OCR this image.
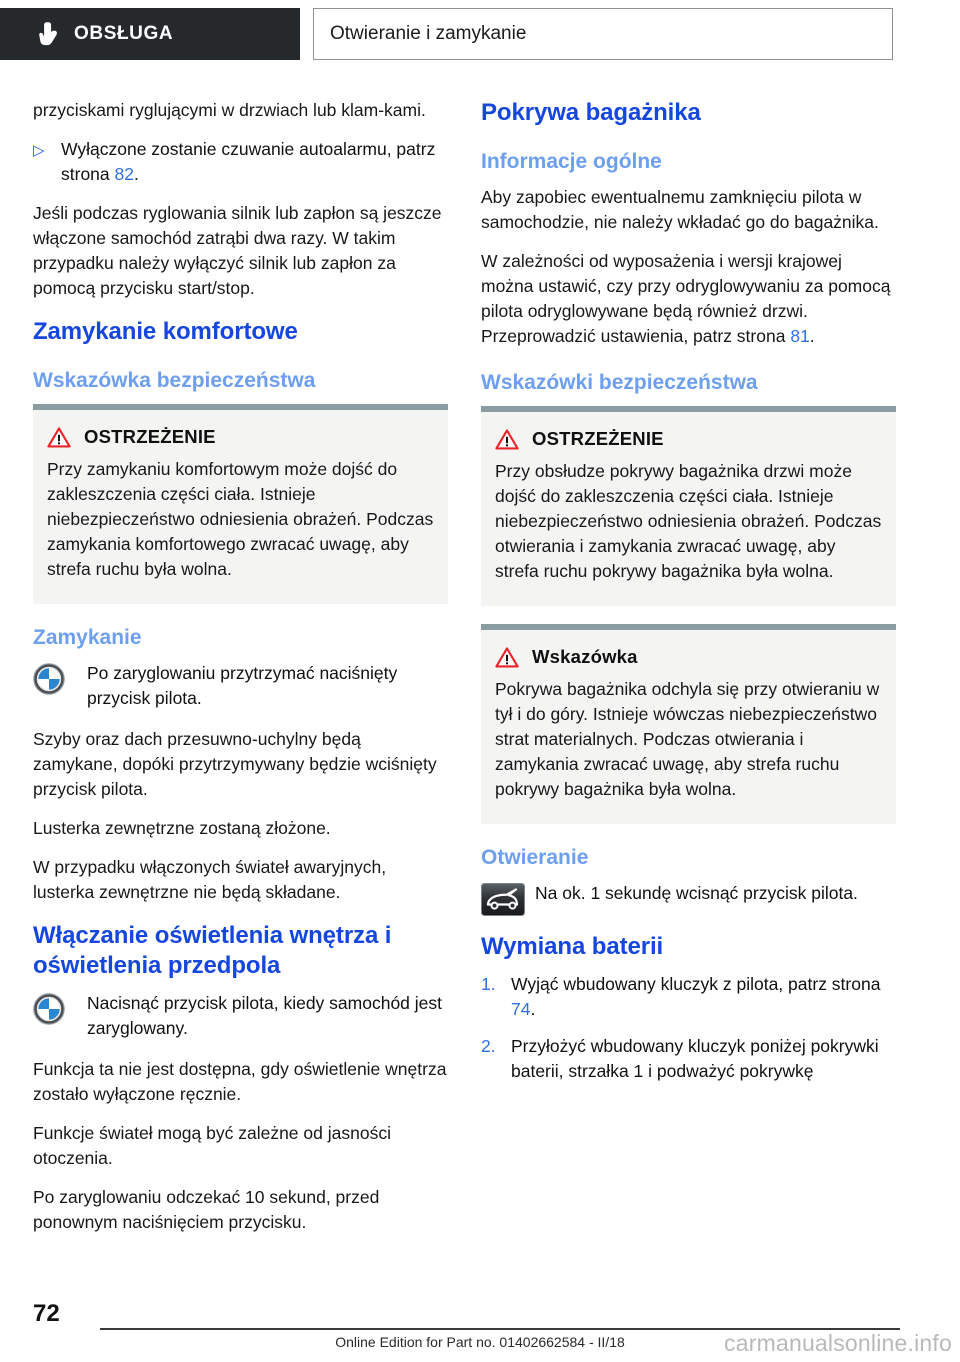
OBSŁUGA	Otwieranie i zamykanie

przyciskami ryglującymi w drzwiach lub klam-kami.

▷ Wyłączone zostanie czuwanie autoalarmu, patrz strona 82.

Jeśli podczas ryglowania silnik lub zapłon są jeszcze włączone samochód zatrąbi dwa razy. W takim przypadku należy wyłączyć silnik lub zapłon za pomocą przycisku start/stop.

Zamykanie komfortowe
Wskazówka bezpieczeństwa
OSTRZEŻENIE
Przy zamykaniu komfortowym może dojść do zakleszczenia części ciała. Istnieje niebezpieczeństwo odniesienia obrażeń. Podczas zamykania komfortowego zwracać uwagę, aby strefa ruchu była wolna.
Zamykanie
Po zaryglowaniu przytrzymać naciśnięty przycisk pilota.

Szyby oraz dach przesuwno-uchylny będą zamykane, dopóki przytrzymywany będzie wciśnięty przycisk pilota.

Lusterka zewnętrzne zostaną złożone.

W przypadku włączonych świateł awaryjnych, lusterka zewnętrzne nie będą składane.

Włączanie oświetlenia wnętrza i oświetlenia przedpola
Nacisnąć przycisk pilota, kiedy samochód jest zaryglowany.

Funkcja ta nie jest dostępna, gdy oświetlenie wnętrza zostało wyłączone ręcznie.

Funkcje świateł mogą być zależne od jasności otoczenia.

Po zaryglowaniu odczekać 10 sekund, przed ponownym naciśnięciem przycisku.

Pokrywa bagażnika
Informacje ogólne

Aby zapobiec ewentualnemu zamknięciu pilota w samochodzie, nie należy wkładać go do bagażnika.

W zależności od wyposażenia i wersji krajowej można ustawić, czy przy odryglowywaniu za pomocą pilota odryglowywane będą również drzwi. Przeprowadzić ustawienia, patrz strona 81.

Wskazówki bezpieczeństwa
OSTRZEŻENIE
Przy obsłudze pokrywy bagażnika drzwi może dojść do zakleszczenia części ciała. Istnieje niebezpieczeństwo odniesienia obrażeń. Podczas otwierania i zamykania zwracać uwagę, aby strefa ruchu pokrywy bagażnika była wolna.
Wskazówka
Pokrywa bagażnika odchyla się przy otwieraniu w tył i do góry. Istnieje wówczas niebezpieczeństwo strat materialnych. Podczas otwierania i zamykania zwracać uwagę, aby strefa ruchu pokrywy bagażnika była wolna.
Otwieranie
Na ok. 1 sekundę wcisnąć przycisk pilota.
Wymiana baterii
1. Wyjąć wbudowany kluczyk z pilota, patrz strona 74.
2. Przyłożyć wbudowany kluczyk poniżej pokrywki baterii, strzałka 1 i podważyć pokrywkę
72
Online Edition for Part no. 01402662584 - II/18	carmanualsonline.info
